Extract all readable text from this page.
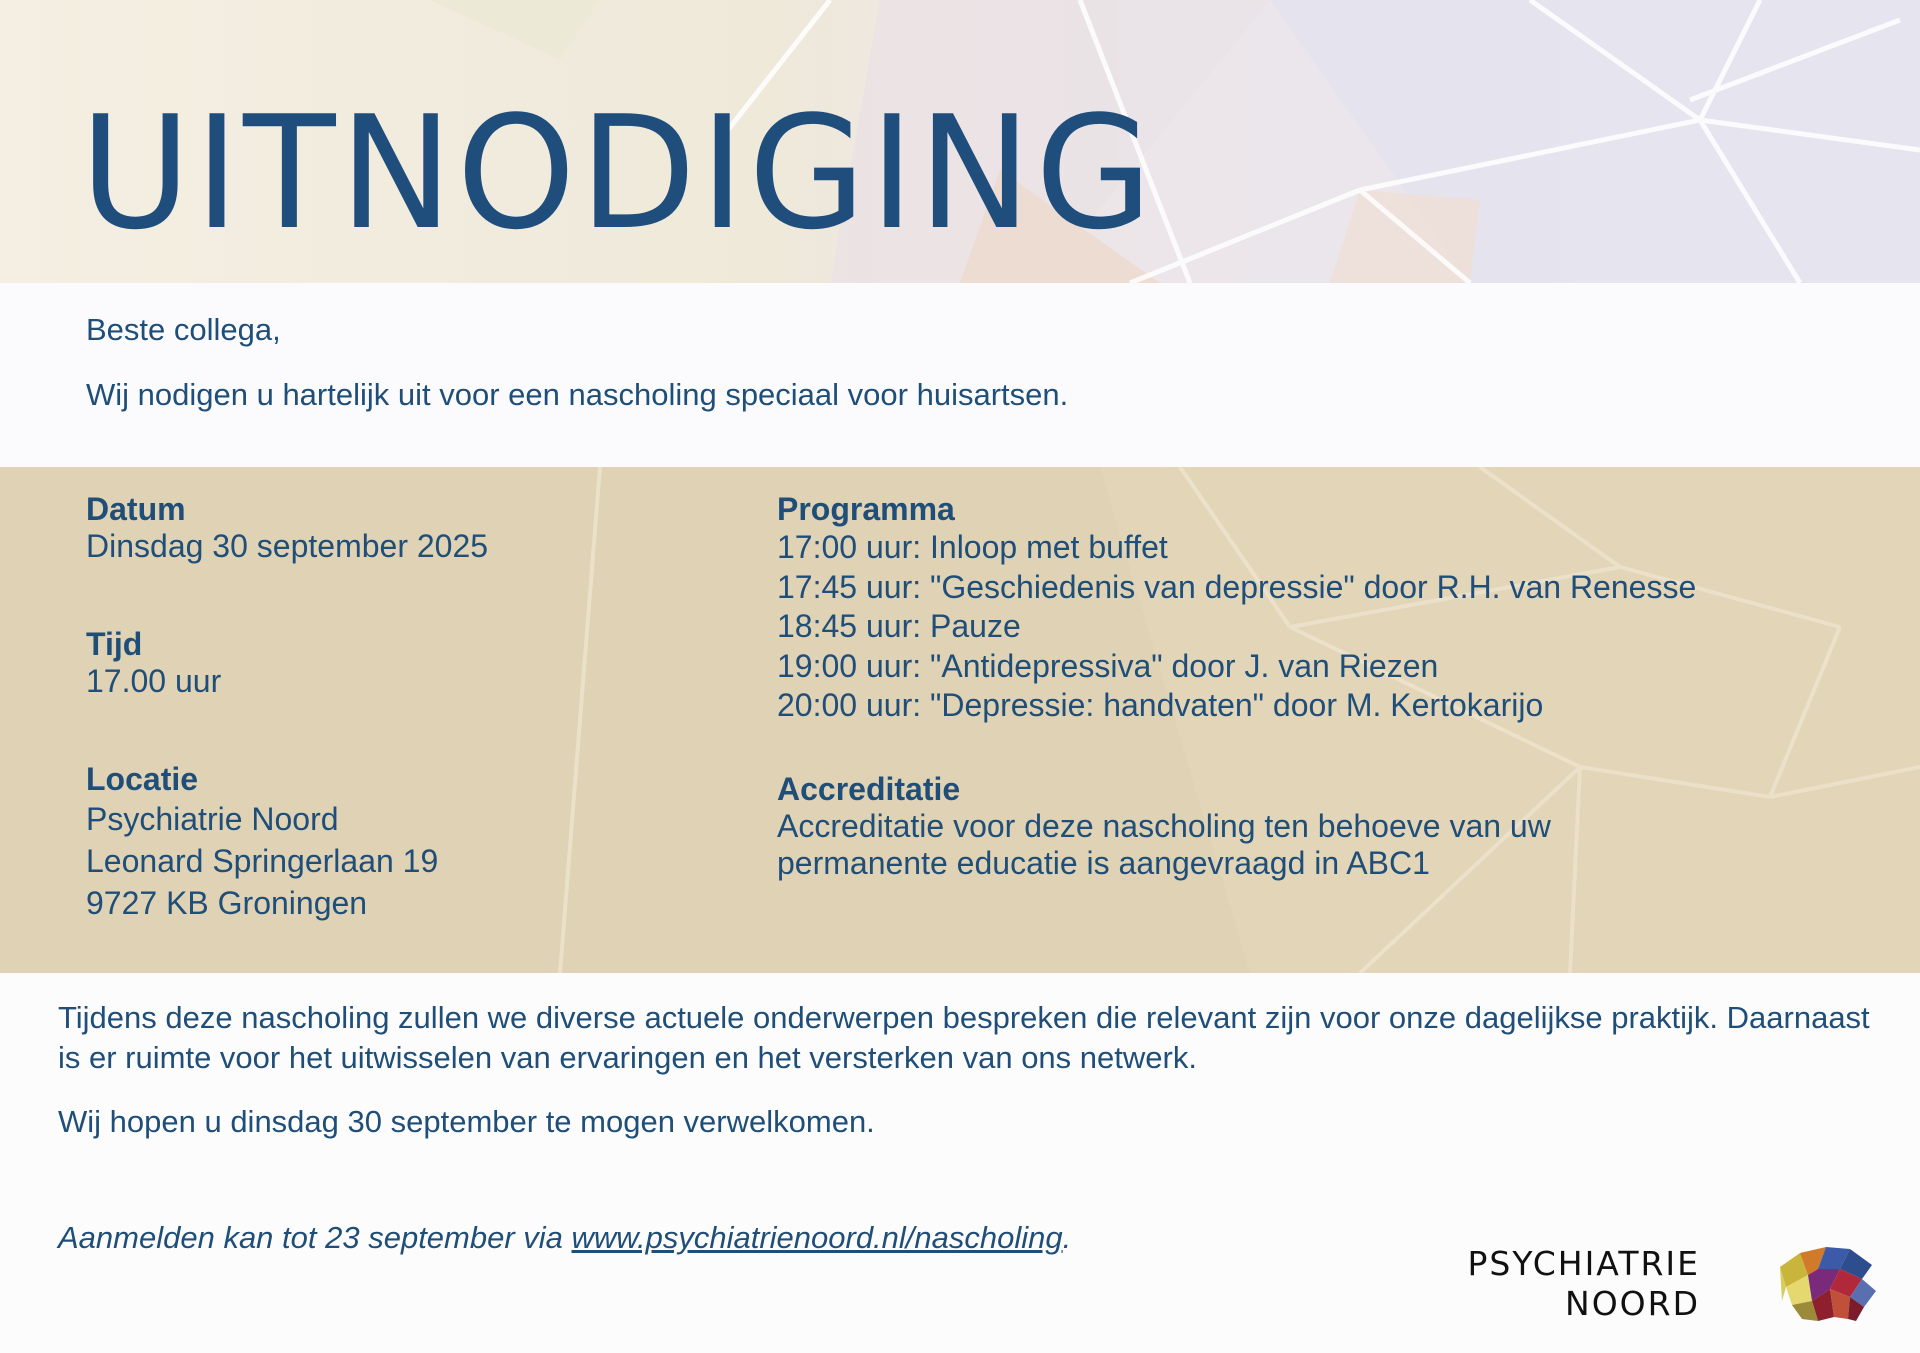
UITNODIGING

Beste collega,

Wij nodigen u hartelijk uit voor een nascholing speciaal voor huisartsen.

Datum
Dinsdag 30 september 2025
Tijd
17.00 uur
Locatie
Psychiatrie Noord
Leonard Springerlaan 19
9727 KB Groningen
Programma
17:00 uur: Inloop met buffet
17:45 uur: "Geschiedenis van depressie" door R.H. van Renesse
18:45 uur: Pauze
19:00 uur: "Antidepressiva" door J. van Riezen
20:00 uur: "Depressie: handvaten" door M. Kertokarijo
Accreditatie
Accreditatie voor deze nascholing ten behoeve van uw
permanente educatie is aangevraagd in ABC1

Tijdens deze nascholing zullen we diverse actuele onderwerpen bespreken die relevant zijn voor onze dagelijkse praktijk. Daarnaast is er ruimte voor het uitwisselen van ervaringen en het versterken van ons netwerk.

Wij hopen u dinsdag 30 september te mogen verwelkomen.

Aanmelden kan tot 23 september via www.psychiatrienoord.nl/nascholing.

PSYCHIATRIE
NOORD
